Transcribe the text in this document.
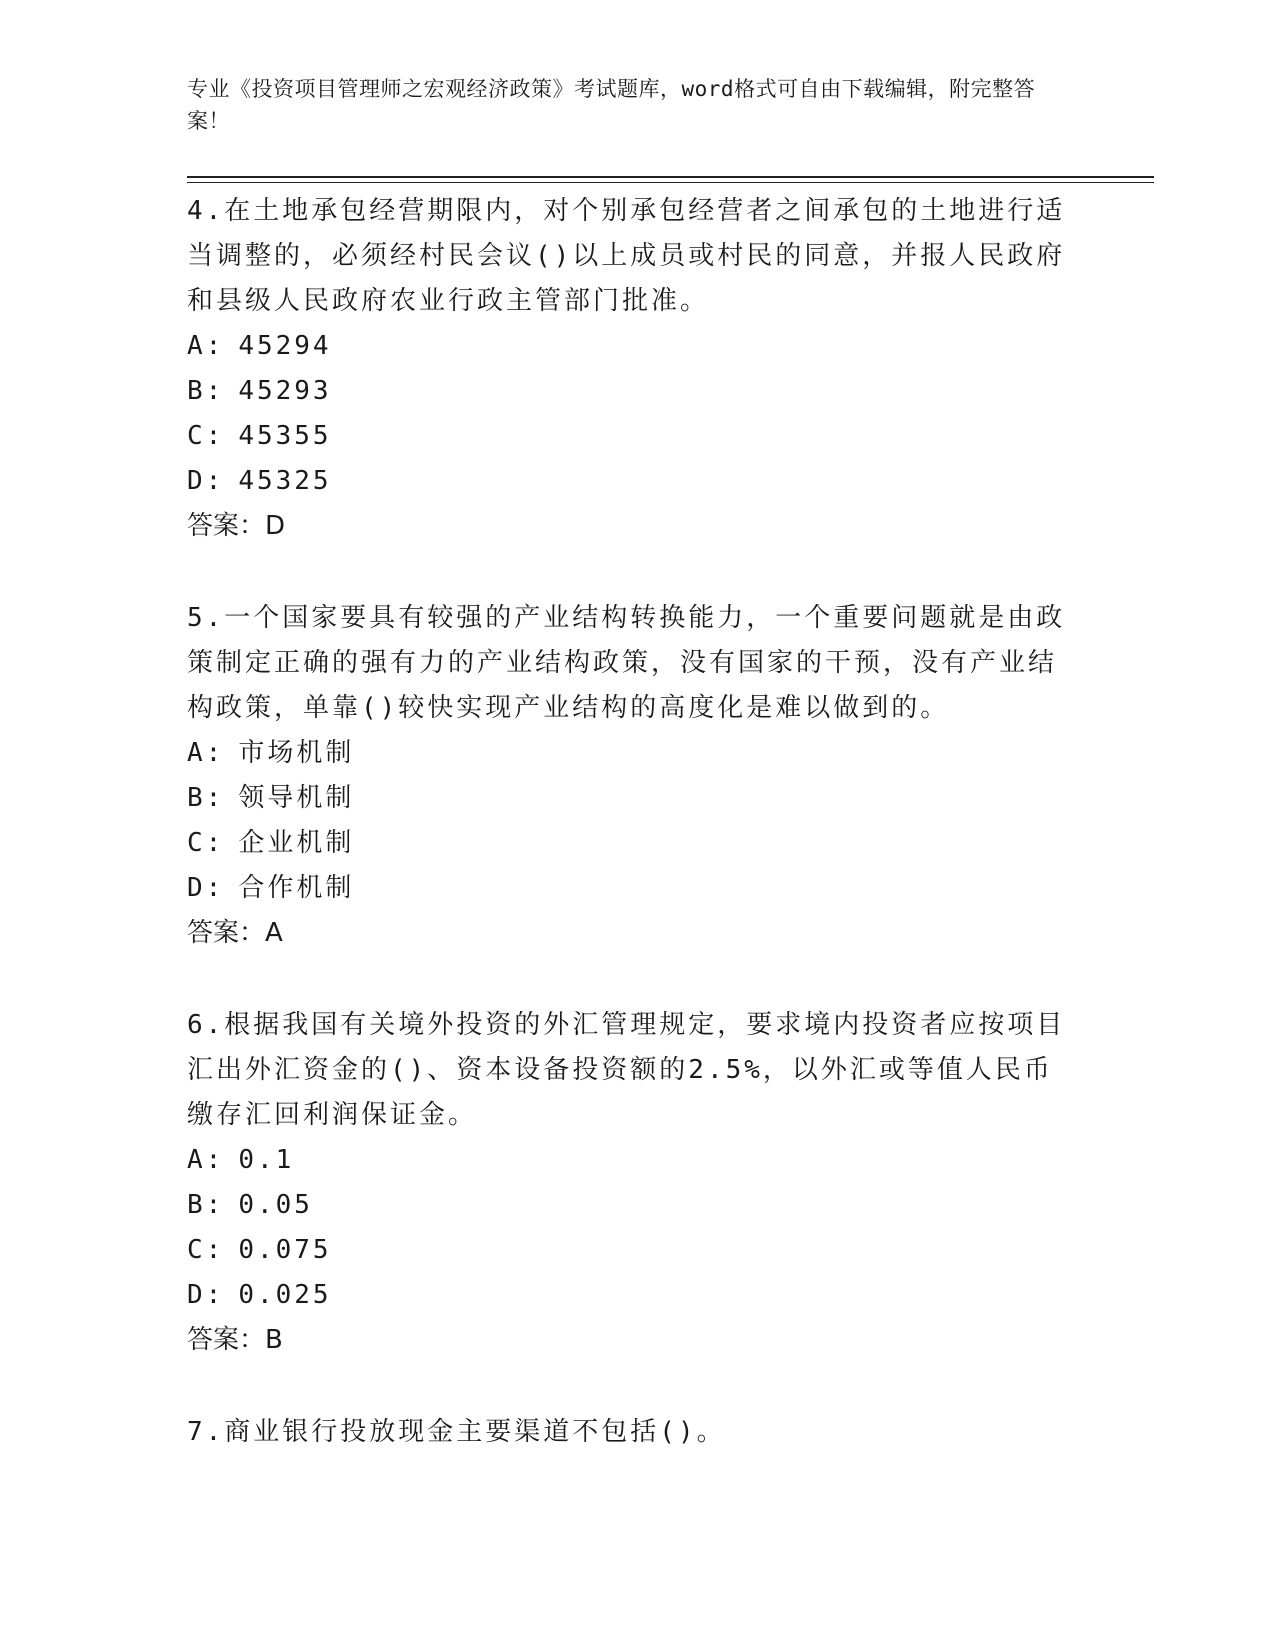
专业《投资项目管理师之宏观经济政策》考试题库，word格式可自由下载编辑，附完整答案！

4.在土地承包经营期限内，对个别承包经营者之间承包的土地进行适当调整的，必须经村民会议()以上成员或村民的同意，并报人民政府和县级人民政府农业行政主管部门批准。

A: 45294

B: 45293

C: 45355

D: 45325

答案：D

5.一个国家要具有较强的产业结构转换能力，一个重要问题就是由政策制定正确的强有力的产业结构政策，没有国家的干预，没有产业结构政策，单靠()较快实现产业结构的高度化是难以做到的。

A: 市场机制

B: 领导机制

C: 企业机制

D: 合作机制

答案：A

6.根据我国有关境外投资的外汇管理规定，要求境内投资者应按项目汇出外汇资金的()、资本设备投资额的2.5%，以外汇或等值人民币缴存汇回利润保证金。

A: 0.1

B: 0.05

C: 0.075

D: 0.025

答案：B

7.商业银行投放现金主要渠道不包括()。
